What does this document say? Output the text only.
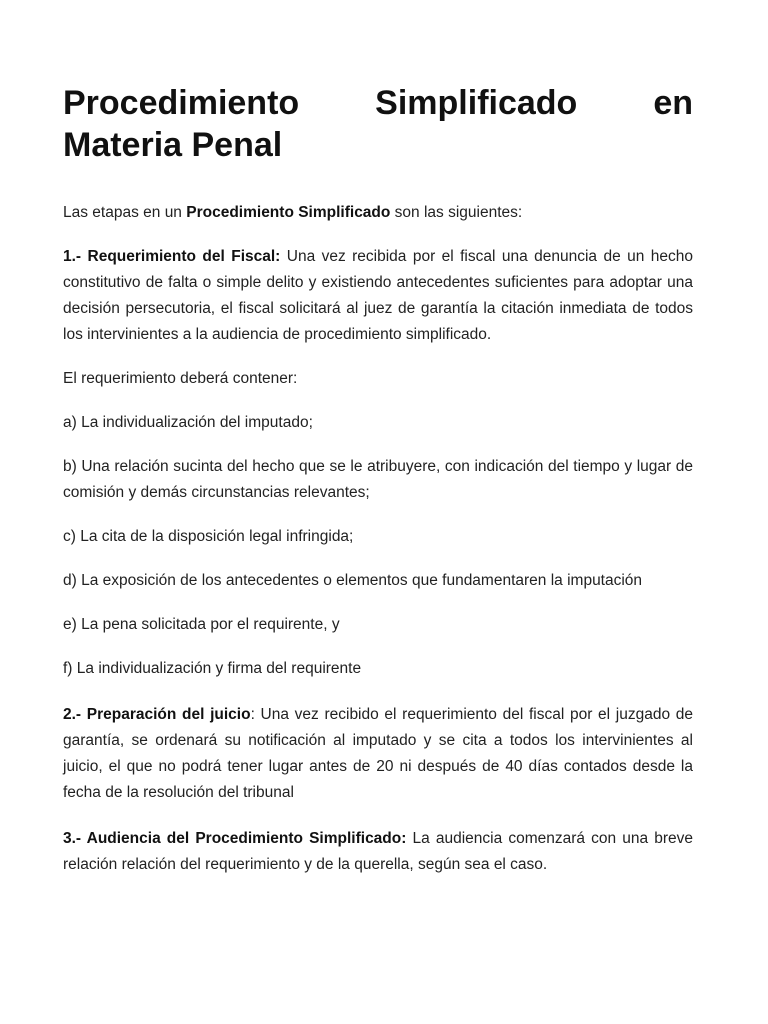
Procedimiento Simplificado en
Materia Penal

Las etapas en un Procedimiento Simplificado son las siguientes:

1.- Requerimiento del Fiscal: Una vez recibida por el fiscal una denuncia de un hecho constitutivo de falta o simple delito y existiendo antecedentes suficientes para adoptar una decisión persecutoria, el fiscal solicitará al juez de garantía la citación inmediata de todos los intervinientes a la audiencia de procedimiento simplificado.

El requerimiento deberá contener:

a) La individualización del imputado;

b) Una relación sucinta del hecho que se le atribuyere, con indicación del tiempo y lugar de comisión y demás circunstancias relevantes;

c) La cita de la disposición legal infringida;

d) La exposición de los antecedentes o elementos que fundamentaren la imputación

e) La pena solicitada por el requirente, y

f) La individualización y firma del requirente

2.- Preparación del juicio: Una vez recibido el requerimiento del fiscal por el juzgado de garantía, se ordenará su notificación al imputado y se cita a todos los intervinientes al juicio, el que no podrá tener lugar antes de 20 ni después de 40 días contados desde la fecha de la resolución del tribunal

3.- Audiencia del Procedimiento Simplificado: La audiencia comenzará con una breve relación relación del requerimiento y de la querella, según sea el caso.
